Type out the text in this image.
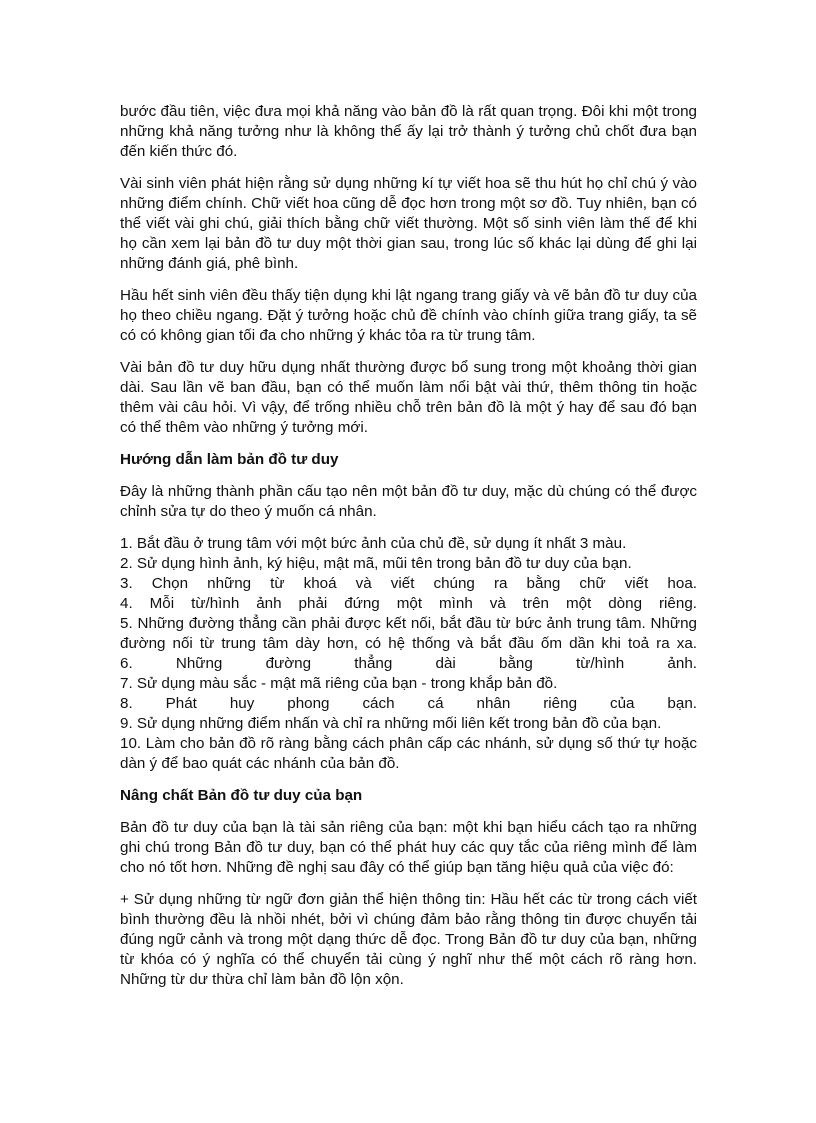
bước đầu tiên, việc đưa mọi khả năng vào bản đồ là rất quan trọng. Đôi khi một trong những khả năng tưởng như là không thể ấy lại trở thành ý tưởng chủ chốt đưa bạn đến kiến thức đó.

Vài sinh viên phát hiện rằng sử dụng những kí tự viết hoa sẽ thu hút họ chỉ chú ý vào những điểm chính. Chữ viết hoa cũng dễ đọc hơn trong một sơ đồ. Tuy nhiên, bạn có thể viết vài ghi chú, giải thích bằng chữ viết thường. Một số sinh viên làm thế để khi họ cần xem lại bản đồ tư duy một thời gian sau, trong lúc số khác lại dùng để ghi lại những đánh giá, phê bình.

Hầu hết sinh viên đều thấy tiện dụng khi lật ngang trang giấy và vẽ bản đồ tư duy của họ theo chiều ngang. Đặt ý tưởng hoặc chủ đề chính vào chính giữa trang giấy, ta sẽ có có không gian tối đa cho những ý khác tỏa ra từ trung tâm.

Vài bản đồ tư duy hữu dụng nhất thường được bổ sung trong một khoảng thời gian dài. Sau lần vẽ ban đầu, bạn có thể muốn làm nổi bật vài thứ, thêm thông tin hoặc thêm vài câu hỏi. Vì vậy, để trống nhiều chỗ trên bản đồ là một ý hay để sau đó bạn có thể thêm vào những ý tưởng mới.

Hướng dẫn làm bản đồ tư duy

Đây là những thành phần cấu tạo nên một bản đồ tư duy, mặc dù chúng có thể được chỉnh sửa tự do theo ý muốn cá nhân.

1. Bắt đầu ở trung tâm với một bức ảnh của chủ đề, sử dụng ít nhất 3 màu.
2. Sử dụng hình ảnh, ký hiệu, mật mã, mũi tên trong bản đồ tư duy của bạn.
3. Chọn những từ khoá và viết chúng ra bằng chữ viết hoa.
4. Mỗi từ/hình ảnh phải đứng một mình và trên một dòng riêng.
5. Những đường thẳng cần phải được kết nối, bắt đầu từ bức ảnh trung tâm. Những đường nối từ trung tâm dày hơn, có hệ thống và bắt đầu ốm dần khi toả ra xa.
6. Những đường thẳng dài bằng từ/hình ảnh.
7. Sử dụng màu sắc - mật mã riêng của bạn - trong khắp bản đồ.
8. Phát huy phong cách cá nhân riêng của bạn.
9. Sử dụng những điểm nhấn và chỉ ra những mối liên kết trong bản đồ của bạn.
10. Làm cho bản đồ rõ ràng bằng cách phân cấp các nhánh, sử dụng số thứ tự hoặc dàn ý để bao quát các nhánh của bản đồ.
Nâng chất Bản đồ tư duy của bạn

Bản đồ tư duy của bạn là tài sản riêng của bạn: một khi bạn hiểu cách tạo ra những ghi chú trong Bản đồ tư duy, bạn có thể phát huy các quy tắc của riêng mình để làm cho nó tốt hơn. Những đề nghị sau đây có thể giúp bạn tăng hiệu quả của việc đó:

+ Sử dụng những từ ngữ đơn giản thể hiện thông tin: Hầu hết các từ trong cách viết bình thường đều là nhồi nhét, bởi vì chúng đảm bảo rằng thông tin được chuyển tải đúng ngữ cảnh và trong một dạng thức dễ đọc. Trong Bản đồ tư duy của bạn, những từ khóa có ý nghĩa có thể chuyển tải cùng ý nghĩ như thế một cách rõ ràng hơn. Những từ dư thừa chỉ làm bản đồ lộn xộn.
